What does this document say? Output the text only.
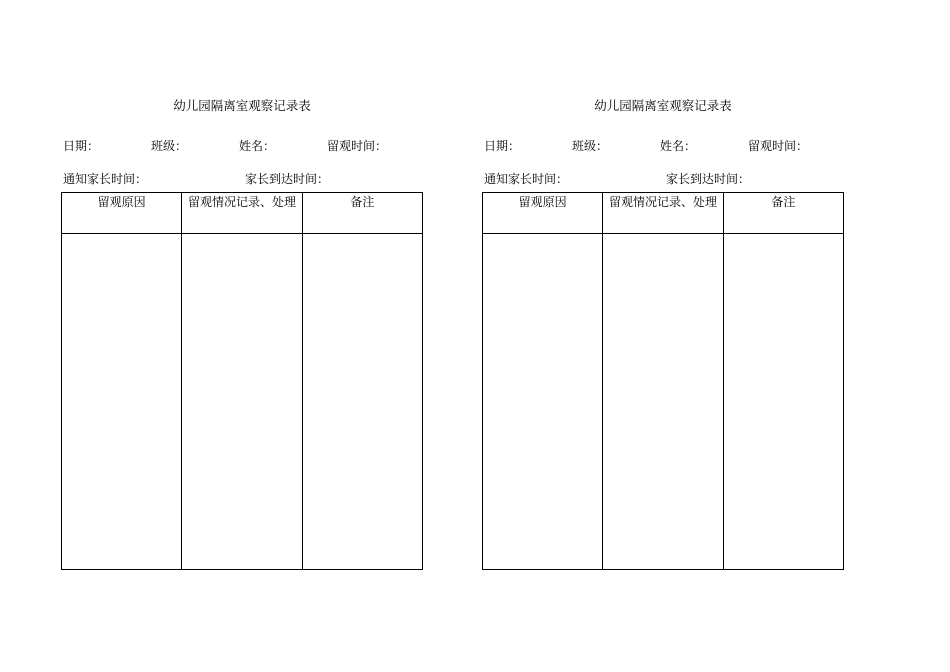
幼儿园隔离室观察记录表
日期：	班级：	姓名：	留观时间：
通知家长时间：	家长到达时间：
留观原因	留观情况记录、处理	备注

幼儿园隔离室观察记录表
日期：	班级：	姓名：	留观时间：
通知家长时间：	家长到达时间：
留观原因	留观情况记录、处理	备注
